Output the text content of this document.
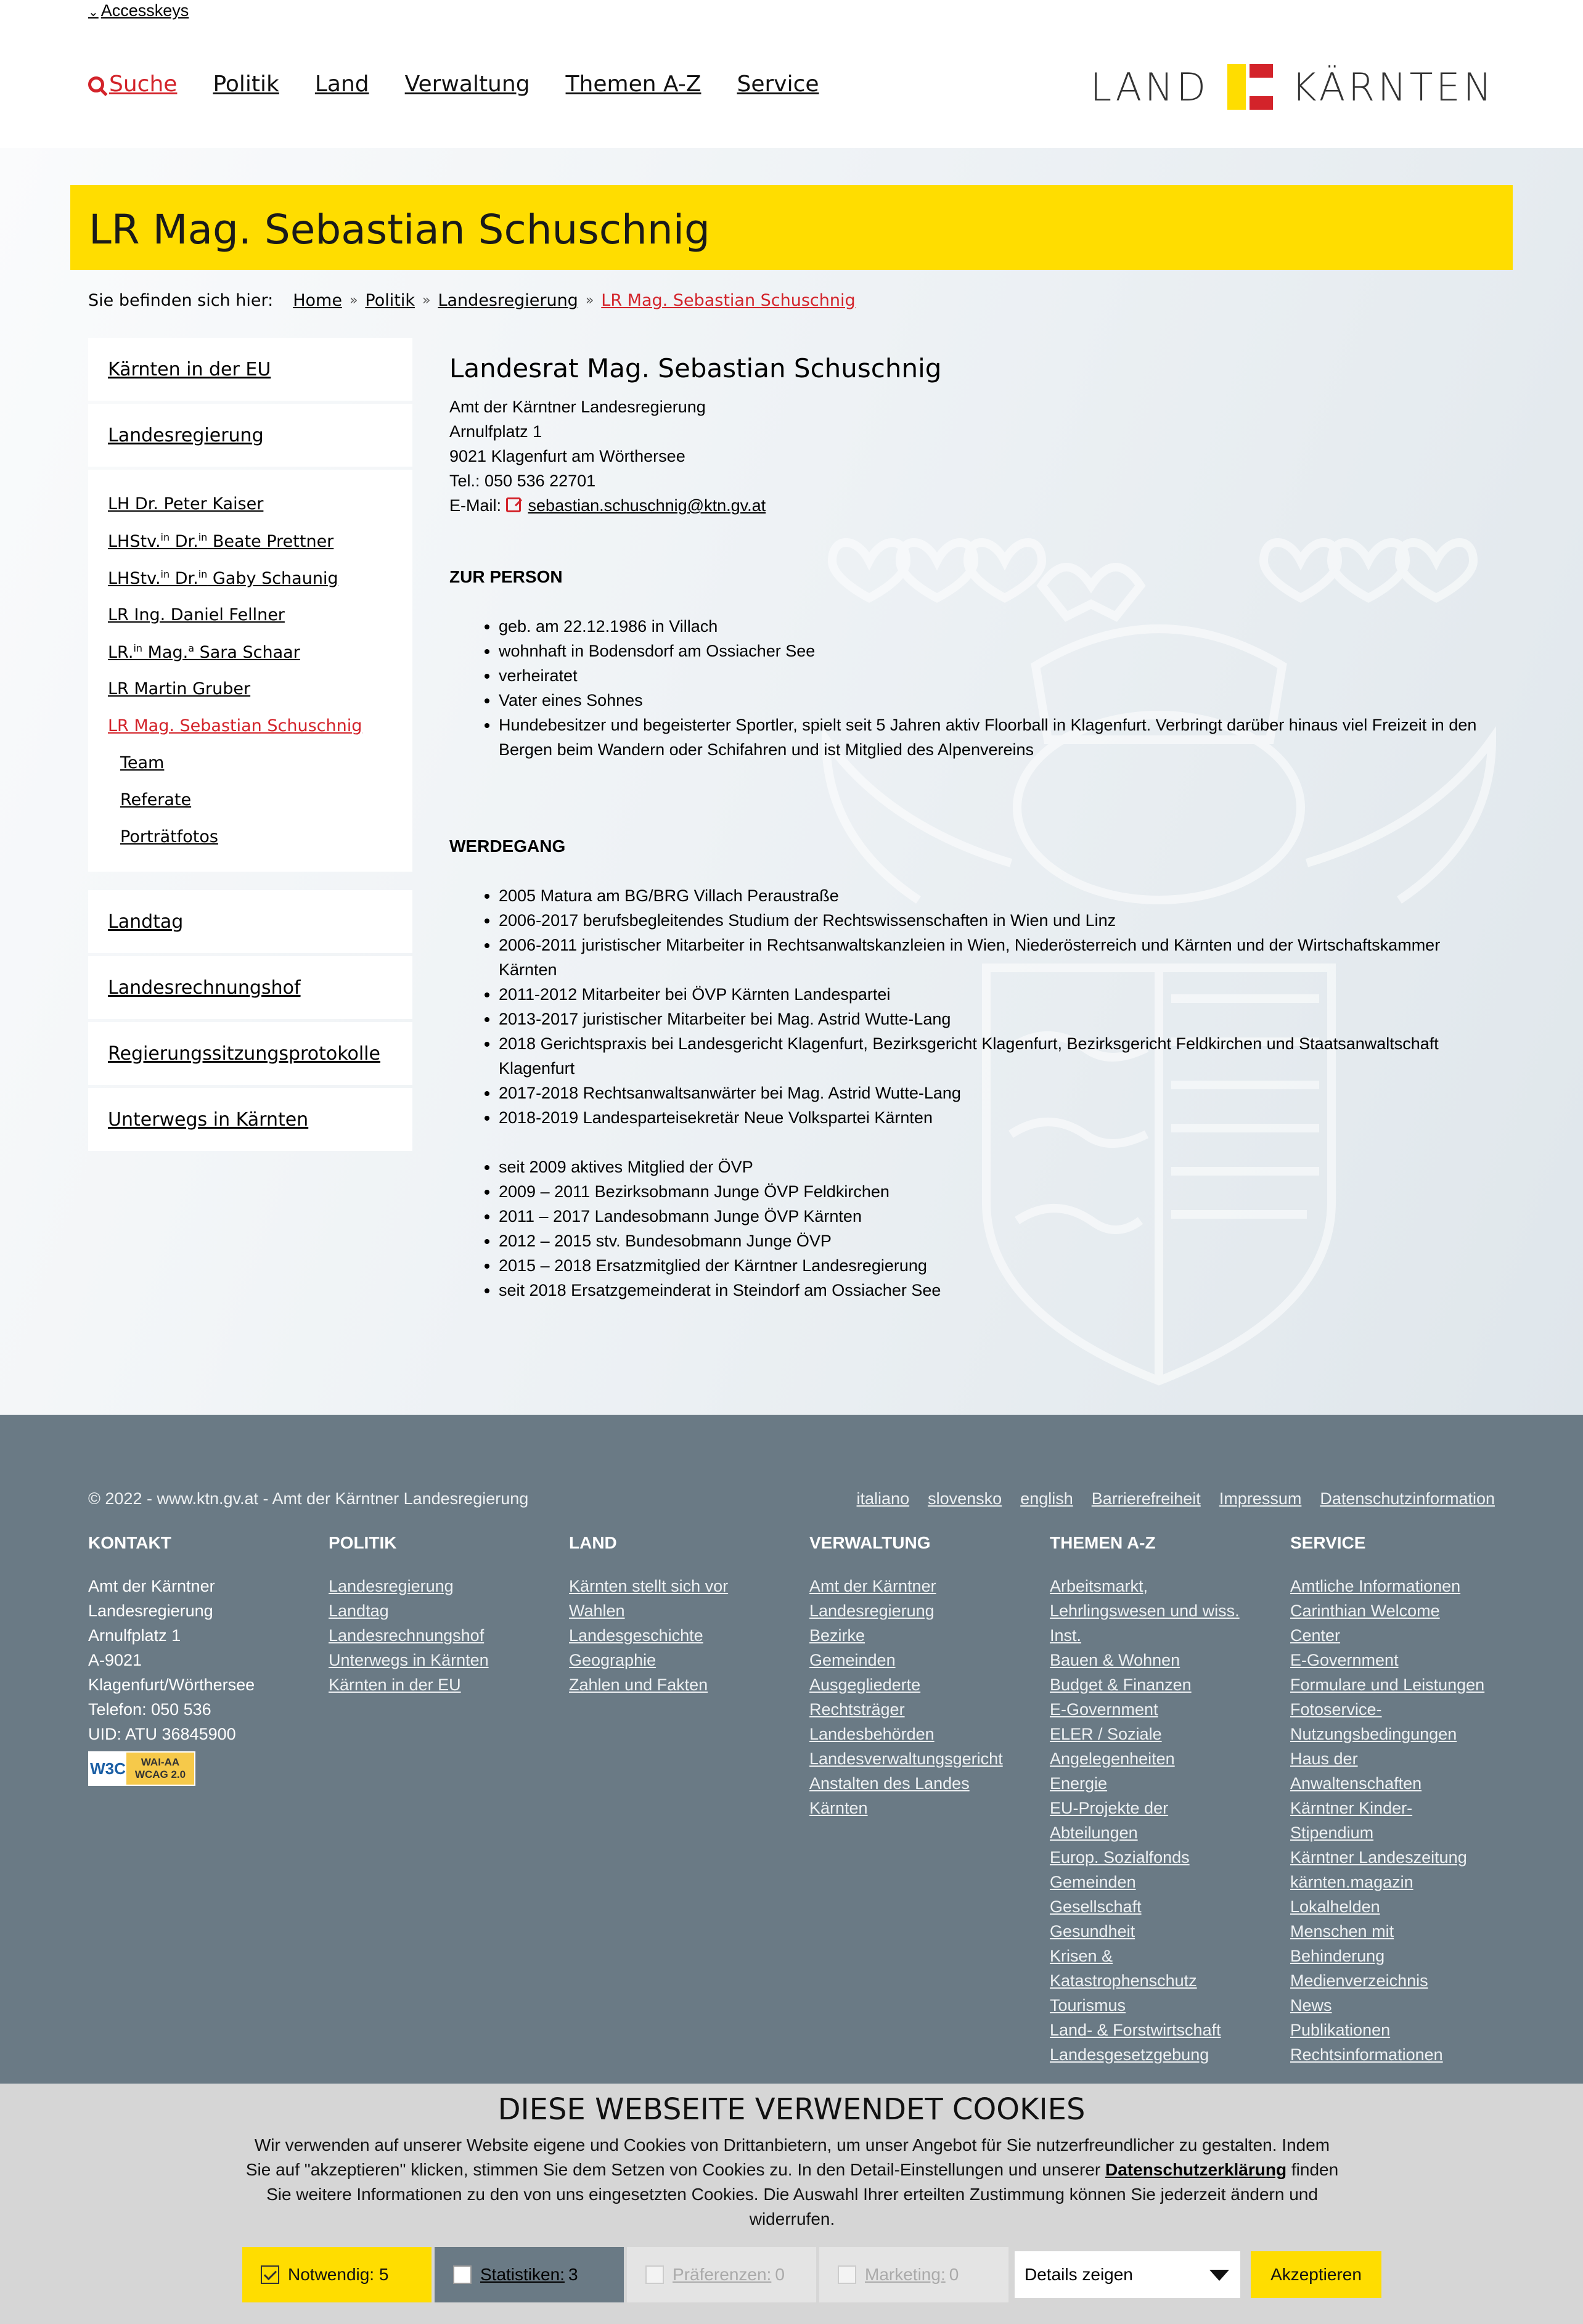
⌄ Accesskeys
Suche Politik Land Verwaltung Themen A-Z Service	LAND KÄRNTEN
LR Mag. Sebastian Schuschnig
Sie befinden sich hier: Home » Politik » Landesregierung » LR Mag. Sebastian Schuschnig
Kärnten in der EU
Landesregierung
LH Dr. Peter Kaiser
LHStv.$^{in}$ Dr.$^{in}$ Beate Prettner
LHStv.$^{in}$ Dr.$^{in}$ Gaby Schaunig
LR Ing. Daniel Fellner
LR.$^{in}$ Mag.$^a$ Sara Schaar
LR Martin Gruber
LR Mag. Sebastian Schuschnig
Team
Referate
Porträtfotos
Landtag
Landesrechnungshof
Regierungssitzungsprotokolle
Unterwegs in Kärnten
Landesrat Mag. Sebastian Schuschnig
Amt der Kärntner Landesregierung
Arnulfplatz 1
9021 Klagenfurt am Wörthersee
Tel.: 050 536 22701
E-Mail: sebastian.schuschnig@ktn.gv.at
ZUR PERSON
• geb. am 22.12.1986 in Villach
• wohnhaft in Bodensdorf am Ossiacher See
• verheiratet
• Vater eines Sohnes
• Hundebesitzer und begeisterter Sportler, spielt seit 5 Jahren aktiv Floorball in Klagenfurt. Verbringt darüber hinaus viel Freizeit in den Bergen beim Wandern oder Schifahren und ist Mitglied des Alpenvereins
WERDEGANG
• 2005 Matura am BG/BRG Villach Peraustraße
• 2006-2017 berufsbegleitendes Studium der Rechtswissenschaften in Wien und Linz
• 2006-2011 juristischer Mitarbeiter in Rechtsanwaltskanzleien in Wien, Niederösterreich und Kärnten und der Wirtschaftskammer Kärnten
• 2011-2012 Mitarbeiter bei ÖVP Kärnten Landespartei
• 2013-2017 juristischer Mitarbeiter bei Mag. Astrid Wutte-Lang
• 2018 Gerichtspraxis bei Landesgericht Klagenfurt, Bezirksgericht Klagenfurt, Bezirksgericht Feldkirchen und Staatsanwaltschaft Klagenfurt
• 2017-2018 Rechtsanwaltsanwärter bei Mag. Astrid Wutte-Lang
• 2018-2019 Landesparteisekretär Neue Volkspartei Kärnten
• seit 2009 aktives Mitglied der ÖVP
• 2009 – 2011 Bezirksobmann Junge ÖVP Feldkirchen
• 2011 – 2017 Landesobmann Junge ÖVP Kärnten
• 2012 – 2015 stv. Bundesobmann Junge ÖVP
• 2015 – 2018 Ersatzmitglied der Kärntner Landesregierung
• seit 2018 Ersatzgemeinderat in Steindorf am Ossiacher See
© 2022 - www.ktn.gv.at - Amt der Kärntner Landesregierung	italiano slovensko english Barrierefreiheit Impressum Datenschutzinformation
KONTAKT
Amt der Kärntner
Landesregierung
Arnulfplatz 1
A-9021
Klagenfurt/Wörthersee
Telefon: 050 536
UID: ATU 36845900
W3C	WAI-AA WCAG 2.0
POLITIK
Landesregierung
Landtag
Landesrechnungshof
Unterwegs in Kärnten
Kärnten in der EU
LAND
Kärnten stellt sich vor
Wahlen
Landesgeschichte
Geographie
Zahlen und Fakten
VERWALTUNG
Amt der Kärntner
Landesregierung
Bezirke
Gemeinden
Ausgegliederte
Rechtsträger
Landesbehörden
Landesverwaltungsgericht
Anstalten des Landes
Kärnten
THEMEN A-Z
Arbeitsmarkt,
Lehrlingswesen und wiss.
Inst.
Bauen & Wohnen
Budget & Finanzen
E-Government
ELER / Soziale
Angelegenheiten
Energie
EU-Projekte der
Abteilungen
Europ. Sozialfonds
Gemeinden
Gesellschaft
Gesundheit
Krisen &
Katastrophenschutz
Tourismus
Land- & Forstwirtschaft
Landesgesetzgebung
SERVICE
Amtliche Informationen
Carinthian Welcome
Center
E-Government
Formulare und Leistungen
Fotoservice-
Nutzungsbedingungen
Haus der
Anwaltenschaften
Kärntner Kinder-
Stipendium
Kärntner Landeszeitung
kärnten.magazin
Lokalhelden
Menschen mit
Behinderung
Medienverzeichnis
News
Publikationen
Rechtsinformationen
DIESE WEBSEITE VERWENDET COOKIES

Wir verwenden auf unserer Website eigene und Cookies von Drittanbietern, um unser Angebot für Sie nutzerfreundlicher zu gestalten. Indem Sie auf "akzeptieren" klicken, stimmen Sie dem Setzen von Cookies zu. In den Detail-Einstellungen und unserer Datenschutzerklärung finden Sie weitere Informationen zu den von uns eingesetzten Cookies. Die Auswahl Ihrer erteilten Zustimmung können Sie jederzeit ändern und widerrufen.

Notwendig:
5	Statistiken: 3	Präferenzen: 0	Marketing: 0	Details zeigen	Akzeptieren
